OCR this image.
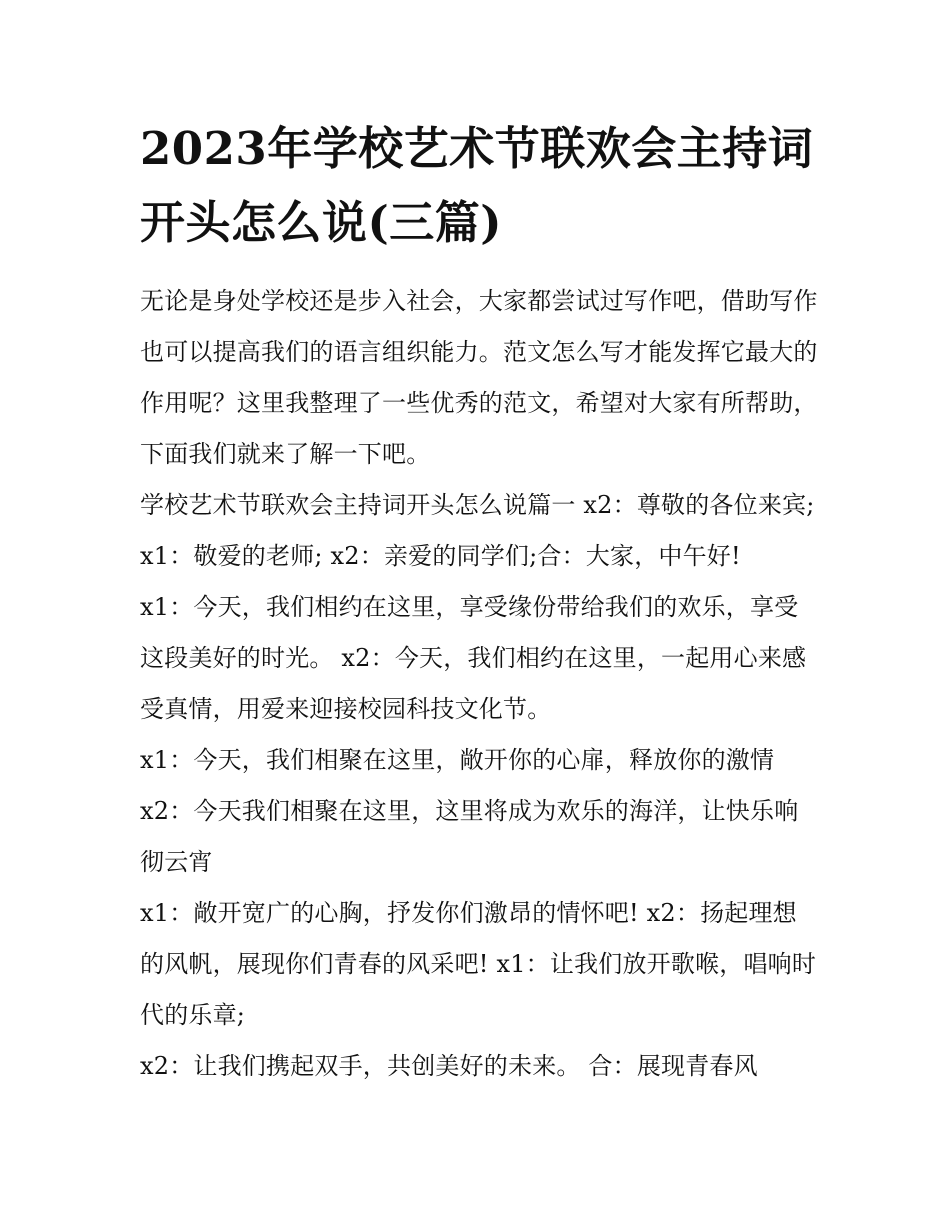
2023年学校艺术节联欢会主持词开头怎么说(三篇)

无论是身处学校还是步入社会，大家都尝试过写作吧，借助写作也可以提高我们的语言组织能力。范文怎么写才能发挥它最大的作用呢？这里我整理了一些优秀的范文，希望对大家有所帮助，下面我们就来了解一下吧。

学校艺术节联欢会主持词开头怎么说篇一 x2：尊敬的各位来宾; x1：敬爱的老师; x2：亲爱的同学们;合：大家，中午好!

x1：今天，我们相约在这里，享受缘份带给我们的欢乐，享受这段美好的时光。 x2：今天，我们相约在这里，一起用心来感受真情，用爱来迎接校园科技文化节。

x1：今天，我们相聚在这里，敞开你的心扉，释放你的激情

x2：今天我们相聚在这里，这里将成为欢乐的海洋，让快乐响彻云宵

x1：敞开宽广的心胸，抒发你们激昂的情怀吧! x2：扬起理想的风帆，展现你们青春的风采吧! x1：让我们放开歌喉，唱响时代的乐章;

x2：让我们携起双手，共创美好的未来。 合：展现青春风
